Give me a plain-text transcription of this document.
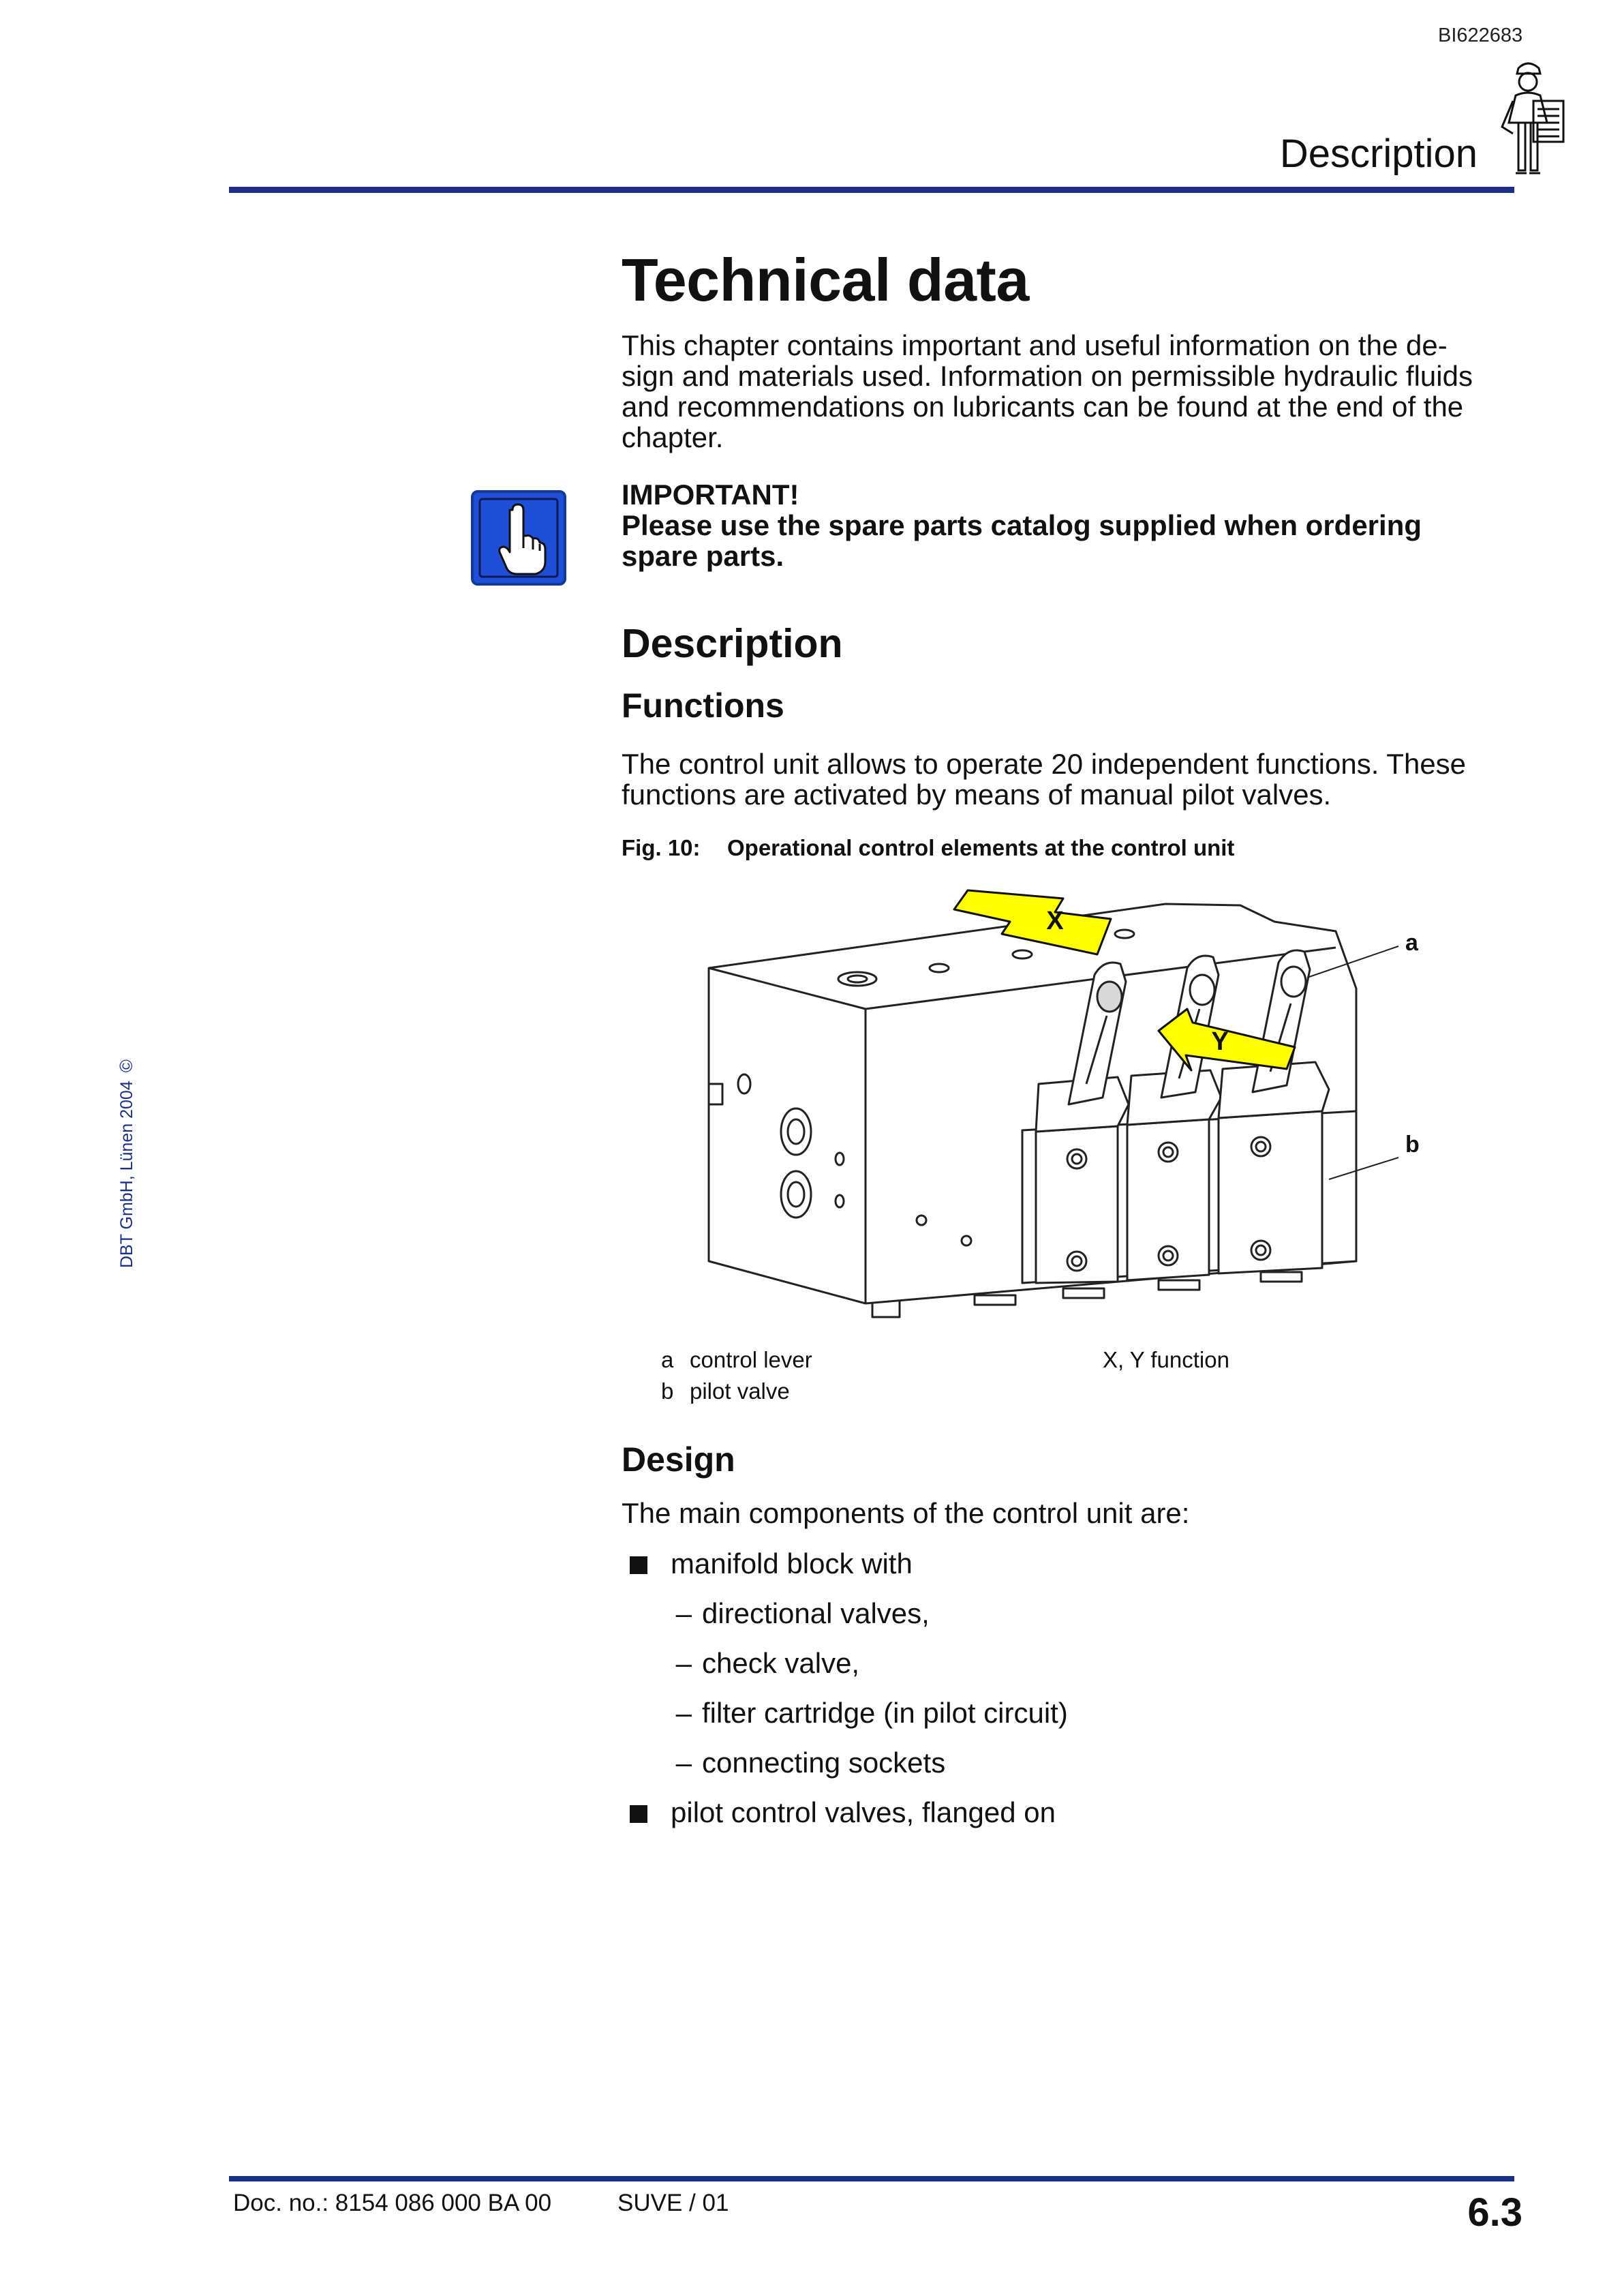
BI622683
Description
DBT GmbH, Lünen 2004©
Technical data

This chapter contains important and useful information on the de-

sign and materials used. Information on permissible hydraulic fluids

and recommendations on lubricants can be found at the end of the

chapter.

IMPORTANT!

Please use the spare parts catalog supplied when ordering

spare parts.

Description
Functions

The control unit allows to operate 20 independent functions. These

functions are activated by means of manual pilot valves.

Fig. 10: Operational control elements at the control unit
X
Y
a
b
a control lever
b pilot valve
X, Y function
Design

The main components of the control unit are:

manifold block with
– directional valves,
– check valve,
– filter cartridge (in pilot circuit)
– connecting sockets
pilot control valves, flanged on
Doc. no.: 8154 086 000 BA 00	SUVE / 01	6.3
